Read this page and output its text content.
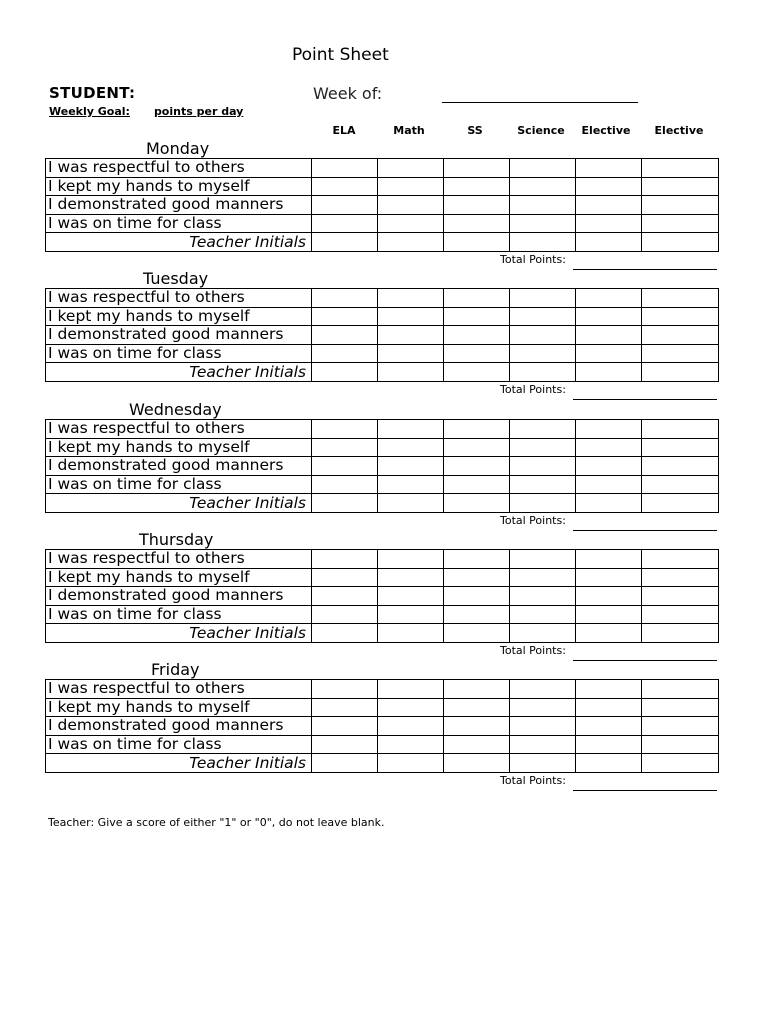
Point Sheet
STUDENT:	Week of:
Weekly Goal: points per day
ELA	Math	SS	Science	Elective	Elective
Monday
I was respectful to others						
I kept my hands to myself						
I demonstrated good manners						
I was on time for class						
Teacher Initials						
Total Points:
Tuesday
I was respectful to others						
I kept my hands to myself						
I demonstrated good manners						
I was on time for class						
Teacher Initials						
Total Points:
Wednesday
I was respectful to others						
I kept my hands to myself						
I demonstrated good manners						
I was on time for class						
Teacher Initials						
Total Points:
Thursday
I was respectful to others						
I kept my hands to myself						
I demonstrated good manners						
I was on time for class						
Teacher Initials						
Total Points:
Friday
I was respectful to others						
I kept my hands to myself						
I demonstrated good manners						
I was on time for class						
Teacher Initials						
Total Points:
Teacher: Give a score of either "1" or "0", do not leave blank.
